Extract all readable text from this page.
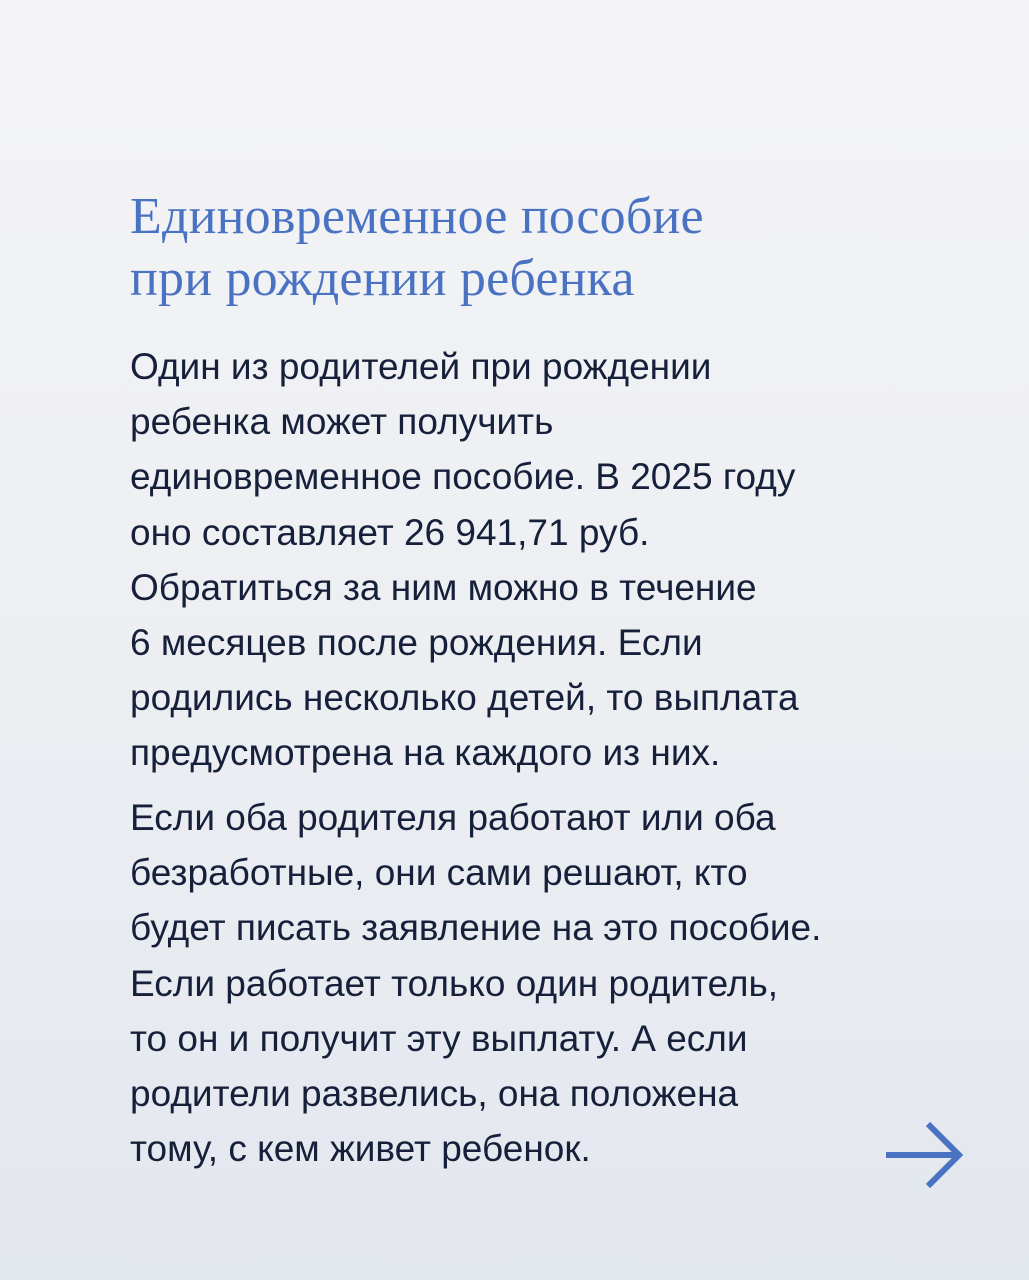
Единовременное пособие
при рождении ребенка

Один из родителей при рождении
ребенка может получить
единовременное пособие. В 2025 году
оно составляет 26 941,71 руб.
Обратиться за ним можно в течение
6 месяцев после рождения. Если
родились несколько детей, то выплата
предусмотрена на каждого из них.

Если оба родителя работают или оба
безработные, они сами решают, кто
будет писать заявление на это пособие.
Если работает только один родитель,
то он и получит эту выплату. А если
родители развелись, она положена
тому, с кем живет ребенок.
